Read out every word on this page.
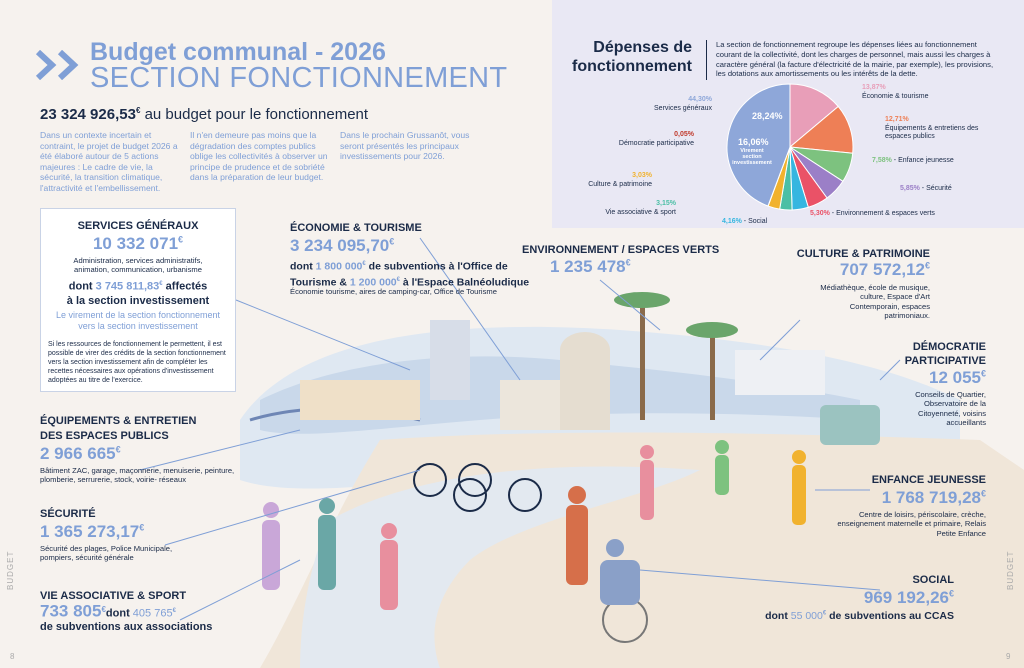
Budget communal - 2026
SECTION FONCTIONNEMENT
23 324 926,53€ au budget pour le fonctionnement
Dans un contexte incertain et contraint, le projet de budget 2026 a été élaboré autour de 5 actions majeures : Le cadre de vie, la sécurité, la transition climatique, l'attractivité et l'embellissement.
Il n'en demeure pas moins que la dégradation des comptes publics oblige les collectivités à observer un principe de prudence et de sobriété dans la préparation de leur budget.
Dans le prochain Grussanôt, vous seront présentés les principaux investissements pour 2026.
Dépenses de fonctionnement
La section de fonctionnement regroupe les dépenses liées au fonctionnement courant de la collectivité, dont les charges de personnel, mais aussi les charges à caractère général (la facture d'électricité de la mairie, par exemple), les provisions, les dotations aux amortissements ou les intérêts de la dette.
28,24%
16,06%
Virement section investissement
44,30%
Services généraux
13,87%
Économie & tourisme
12,71%
Équipements & entretiens des espaces publics
7,58% - Enfance jeunesse
5,85% - Sécurité
5,30% - Environnement & espaces verts
4,16% - Social
3,15%
Vie associative & sport
3,03%
Culture & patrimoine
0,05%
Démocratie participative
SERVICES GÉNÉRAUX
10 332 071€
Administration, services administratifs, animation, communication, urbanisme
dont 3 745 811,83€ affectés
à la section investissement
Le virement de la section fonctionnement vers la section investissement
Si les ressources de fonctionnement le permettent, il est possible de virer des crédits de la section fonctionnement vers la section investissement afin de compléter les recettes nécessaires aux opérations d'investissement adoptées au titre de l'exercice.
ÉCONOMIE & TOURISME
3 234 095,70€
dont 1 800 000€ de subventions à l'Office de
Tourisme & 1 200 000€ à l'Espace Balnéoludique
Économie tourisme, aires de camping-car, Office de Tourisme
ENVIRONNEMENT / ESPACES VERTS
1 235 478€
CULTURE & PATRIMOINE
707 572,12€
Médiathèque, école de musique, culture, Espace d'Art Contemporain, espaces patrimoniaux.
DÉMOCRATIE
PARTICIPATIVE
12 055€
Conseils de Quartier, Observatoire de la Citoyenneté, voisins accueillants
ÉQUIPEMENTS & ENTRETIEN
DES ESPACES PUBLICS
2 966 665€
Bâtiment ZAC, garage, maçonnerie, menuiserie, peinture, plomberie, serrurerie, stock, voirie- réseaux
SÉCURITÉ
1 365 273,17€
Sécurité des plages, Police Municipale, pompiers, sécurité générale
VIE ASSOCIATIVE & SPORT
733 805€dont 405 765€
de subventions aux associations
ENFANCE JEUNESSE
1 768 719,28€
Centre de loisirs, périscolaire, crèche, enseignement maternelle et primaire, Relais Petite Enfance
SOCIAL
969 192,26€
dont 55 000€ de subventions au CCAS
BUDGET	BUDGET
8	9
